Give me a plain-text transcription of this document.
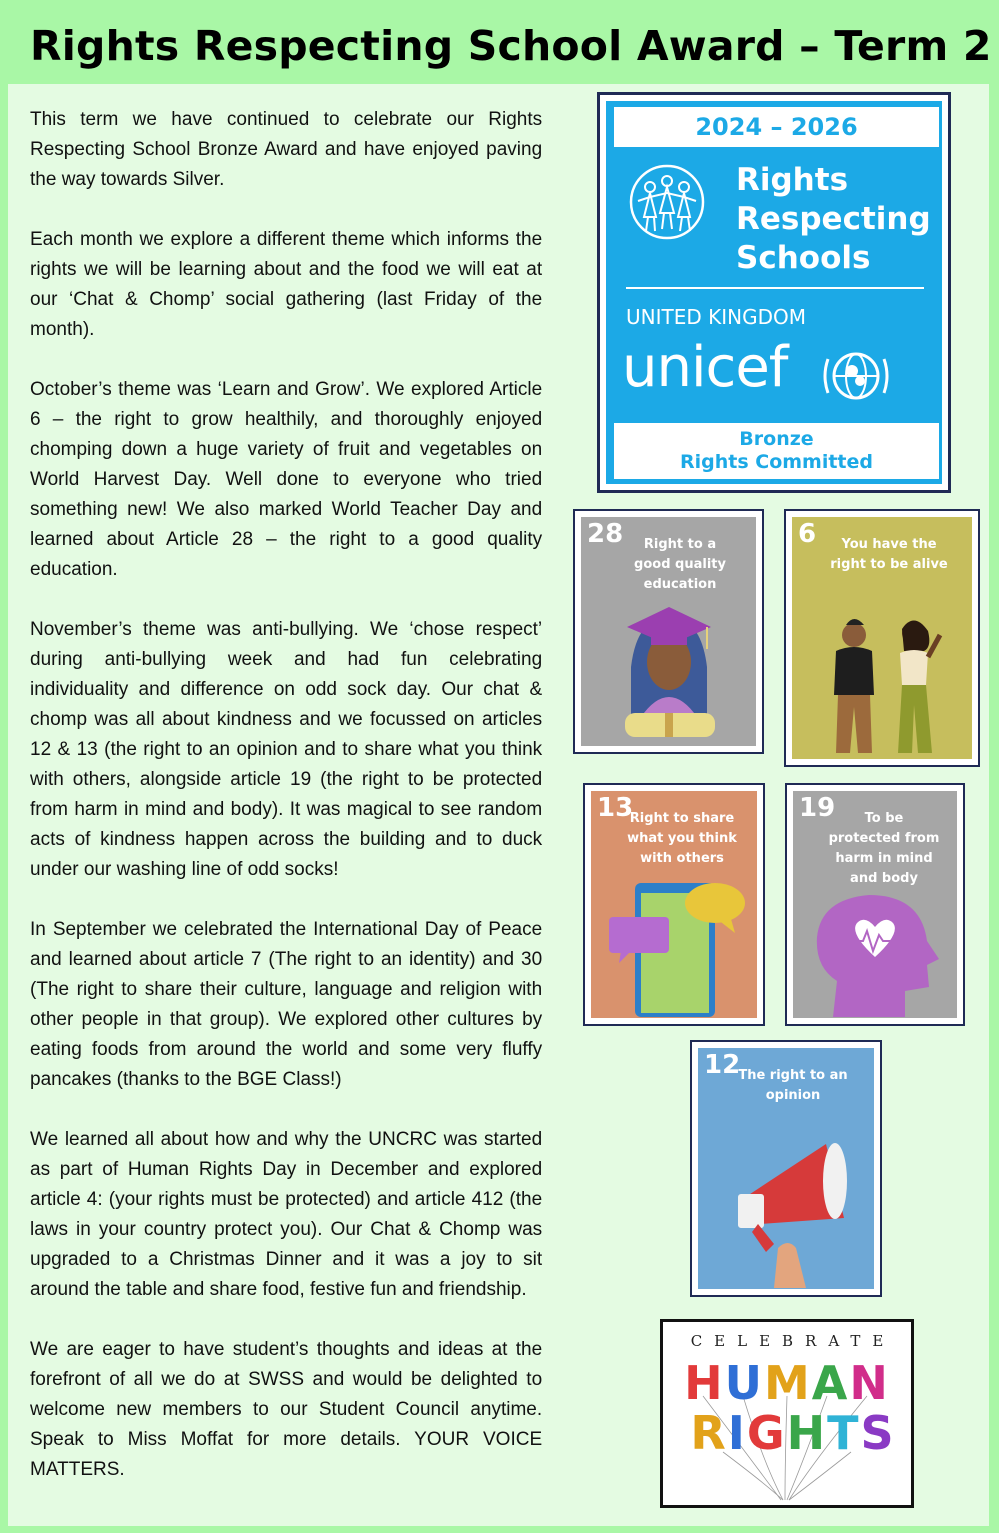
Rights Respecting School Award – Term 2

This term we have continued to celebrate our Rights Respecting School Bronze Award and have enjoyed paving the way towards Silver.

Each month we explore a different theme which informs the rights we will be learning about and the food we will eat at our ‘Chat & Chomp’ social gathering (last Friday of the month).

October’s theme was ‘Learn and Grow’. We explored Article 6 – the right to grow healthily, and thoroughly enjoyed chomping down a huge variety of fruit and vegetables on World Harvest Day. Well done to everyone who tried something new! We also marked World Teacher Day and learned about Article 28 – the right to a good quality education.

November’s theme was anti-bullying. We ‘chose respect’ during anti-bullying week and had fun celebrating individuality and difference on odd sock day. Our chat & chomp was all about kindness and we focussed on articles 12 & 13 (the right to an opinion and to share what you think with others, alongside article 19 (the right to be protected from harm in mind and body). It was magical to see random acts of kindness happen across the building and to duck under our washing line of odd socks!

In September we celebrated the International Day of Peace and learned about article 7 (The right to an identity) and 30 (The right to share their culture, language and religion with other people in that group). We explored other cultures by eating foods from around the world and some very fluffy pancakes (thanks to the BGE Class!)

We learned all about how and why the UNCRC was started as part of Human Rights Day in December and explored article 4: (your rights must be protected) and article 412 (the laws in your country protect you). Our Chat & Chomp was upgraded to a Christmas Dinner and it was a joy to sit around the table and share food, festive fun and friendship.

We are eager to have student’s thoughts and ideas at the forefront of all we do at SWSS and would be delighted to welcome new members to our Student Council anytime. Speak to Miss Moffat for more details. YOUR VOICE MATTERS.

2024 – 2026
Rights
Respecting
Schools
UNITED KINGDOM
unicef
Bronze
Rights Committed
28	Right to a
good quality
education
6	You have the
right to be alive
13
Right to share
what you think
with others
19	To be
protected from
harm in mind
and body
12
The right to an
opinion
CELEBRATE
HUMAN
RIGHTS
